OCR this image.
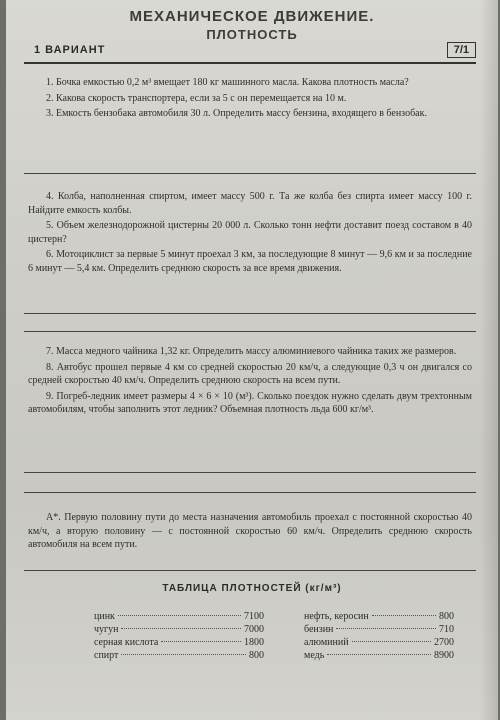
МЕХАНИЧЕСКОЕ ДВИЖЕНИЕ.
ПЛОТНОСТЬ
1 ВАРИАНТ	7/1

1. Бочка емкостью 0,2 м³ вмещает 180 кг машинного масла. Какова плотность масла?

2. Какова скорость транспортера, если за 5 с он перемещается на 10 м.

3. Емкость бензобака автомобиля 30 л. Определить массу бензина, входящего в бензобак.

4. Колба, наполненная спиртом, имеет массу 500 г. Та же колба без спирта имеет массу 100 г. Найдите емкость колбы.

5. Объем железнодорожной цистерны 20 000 л. Сколько тонн нефти доставит поезд составом в 40 цистерн?

6. Мотоциклист за первые 5 минут проехал 3 км, за последующие 8 минут — 9,6 км и за последние 6 минут — 5,4 км. Определить среднюю скорость за все время движения.

7. Масса медного чайника 1,32 кг. Определить массу алюминиевого чайника таких же размеров.

8. Автобус прошел первые 4 км со средней скоростью 20 км/ч, а следующие 0,3 ч он двигался со средней скоростью 40 км/ч. Определить среднюю скорость на всем пути.

9. Погреб-ледник имеет размеры 4 × 6 × 10 (м³). Сколько поездок нужно сделать двум трехтонным автомобилям, чтобы заполнить этот ледник? Объемная плотность льда 600 кг/м³.

А*. Первую половину пути до места назначения автомобиль проехал с постоянной скоростью 40 км/ч, а вторую половину — с постоянной скоростью 60 км/ч. Определить среднюю скорость автомобиля на всем пути.

ТАБЛИЦА ПЛОТНОСТЕЙ (кг/м³)
цинк	7100
чугун	7000
серная кислота	1800
спирт	800
нефть, керосин	800
бензин	710
алюминий	2700
медь	8900
